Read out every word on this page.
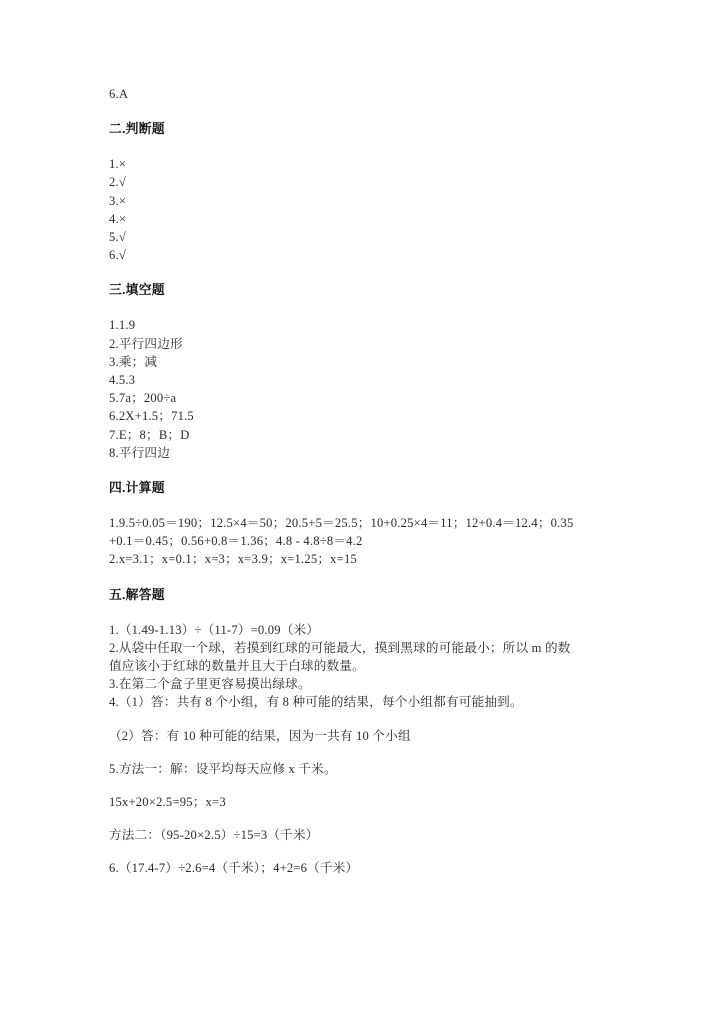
6.A
二.判断题
1.×
2.√
3.×
4.×
5.√
6.√
三.填空题
1.1.9
2.平行四边形
3.乘；减
4.5.3
5.7a；200÷a
6.2X+1.5；71.5
7.E；8；B；D
8.平行四边
四.计算题
1.9.5÷0.05＝190；12.5×4＝50；20.5+5＝25.5；10+0.25×4＝11；12+0.4＝12.4；0.35+0.1＝0.45；0.56+0.8＝1.36；4.8 - 4.8÷8＝4.2
2.x=3.1；x=0.1；x=3；x=3.9；x=1.25；x=15
五.解答题
1.（1.49-1.13）÷（11-7）=0.09（米）
2.从袋中任取一个球，若摸到红球的可能最大，摸到黑球的可能最小；所以 m 的数值应该小于红球的数量并且大于白球的数量。
3.在第二个盒子里更容易摸出绿球。
4.（1）答：共有 8 个小组，有 8 种可能的结果，每个小组都有可能抽到。
（2）答：有 10 种可能的结果，因为一共有 10 个小组
5.方法一：解：设平均每天应修 x 千米。
15x+20×2.5=95；x=3
方法二：（95-20×2.5）÷15=3（千米）
6.（17.4-7）÷2.6=4（千米）；4+2=6（千米）
